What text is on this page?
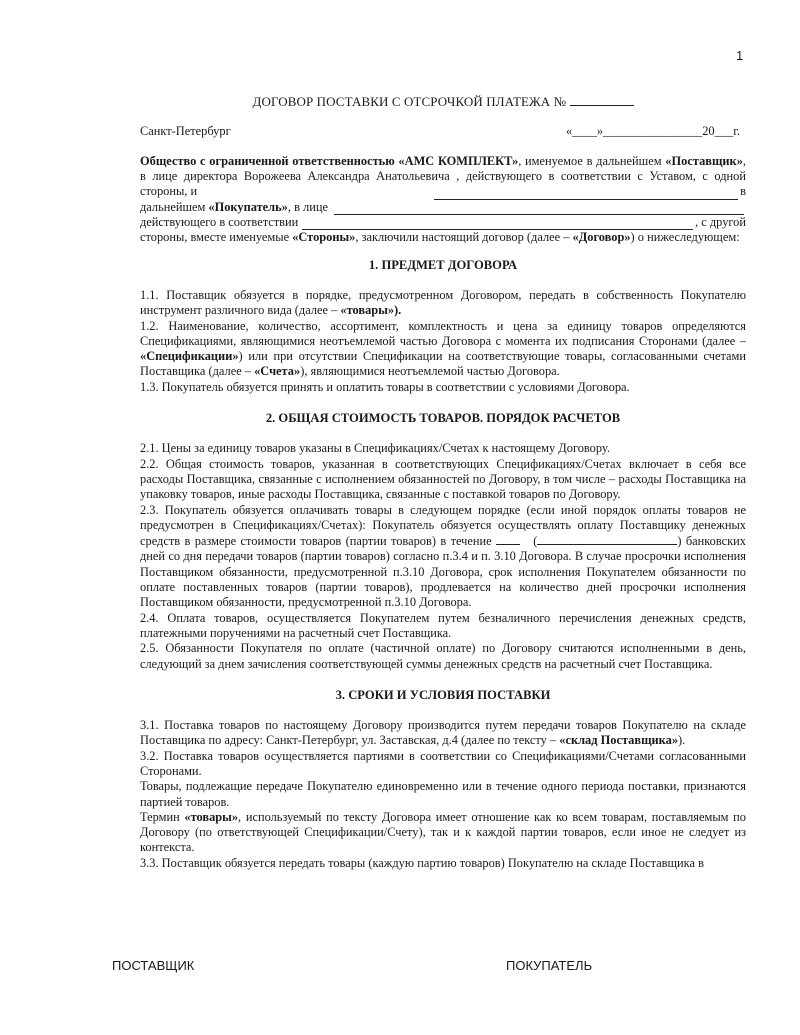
1
ДОГОВОР ПОСТАВКИ С ОТСРОЧКОЙ ПЛАТЕЖА №
Санкт-Петербург	«____»________________20___г.

Общество с ограниченной ответственностью «АМС КОМПЛЕКТ», именуемое в дальнейшем «Поставщик», в лице директора Ворожеева Александра Анатольевича , действующего в соответствии с Уставом, с одной стороны, и	в
дальнейшем «Покупатель» , в лице
действующего в соответствии	, с другой

стороны, вместе именуемые «Стороны», заключили настоящий договор (далее – «Договор») о нижеследующем:

1. ПРЕДМЕТ ДОГОВОРА

1.1. Поставщик обязуется в порядке, предусмотренном Договором, передать в собственность Покупателю инструмент различного вида (далее – «товары»).

1.2. Наименование, количество, ассортимент, комплектность и цена за единицу товаров определяются Спецификациями, являющимися неотъемлемой частью Договора с момента их подписания Сторонами (далее – «Спецификации») или при отсутствии Спецификации на соответствующие товары, согласованными счетами Поставщика (далее – «Счета»), являющимися неотъемлемой частью Договора.

1.3. Покупатель обязуется принять и оплатить товары в соответствии с условиями Договора.

2. ОБЩАЯ СТОИМОСТЬ ТОВАРОВ. ПОРЯДОК РАСЧЕТОВ

2.1. Цены за единицу товаров указаны в Спецификациях/Счетах к настоящему Договору.

2.2. Общая стоимость товаров, указанная в соответствующих Спецификациях/Счетах включает в себя все расходы Поставщика, связанные с исполнением обязанностей по Договору, в том числе – расходы Поставщика на упаковку товаров, иные расходы Поставщика, связанные с поставкой товаров по Договору.

2.3. Покупатель обязуется оплачивать товары в следующем порядке (если иной порядок оплаты товаров не предусмотрен в Спецификациях/Счетах): Покупатель обязуется осуществлять оплату Поставщику денежных средств в размере стоимости товаров (партии товаров) в течение    (	) банковских дней со дня передачи товаров (партии товаров) согласно п.3.4 и п. 3.10 Договора. В случае просрочки исполнения Поставщиком обязанности, предусмотренной п.3.10 Договора, срок исполнения Покупателем обязанности по оплате поставленных товаров (партии товаров), продлевается на количество дней просрочки исполнения Поставщиком обязанности, предусмотренной п.3.10 Договора.

2.4. Оплата товаров, осуществляется Покупателем путем безналичного перечисления денежных средств, платежными поручениями на расчетный счет Поставщика.

2.5. Обязанности Покупателя по оплате (частичной оплате) по Договору считаются исполненными в день, следующий за днем зачисления соответствующей суммы денежных средств на расчетный счет Поставщика.

3. СРОКИ И УСЛОВИЯ ПОСТАВКИ

3.1. Поставка товаров по настоящему Договору производится путем передачи товаров Покупателю на складе Поставщика по адресу: Санкт-Петербург, ул. Заставская, д.4 (далее по тексту – «склад Поставщика»).

3.2. Поставка товаров осуществляется партиями в соответствии со Спецификациями/Счетами согласованными Сторонами.

Товары, подлежащие передаче Покупателю единовременно или в течение одного периода поставки, признаются партией товаров.

Термин «товары», используемый по тексту Договора имеет отношение как ко всем товарам, поставляемым по Договору (по ответствующей Спецификации/Счету), так и к каждой партии товаров, если иное не следует из контекста.

3.3. Поставщик обязуется передать товары (каждую партию товаров) Покупателю на складе Поставщика в

ПОСТАВЩИК	ПОКУПАТЕЛЬ
